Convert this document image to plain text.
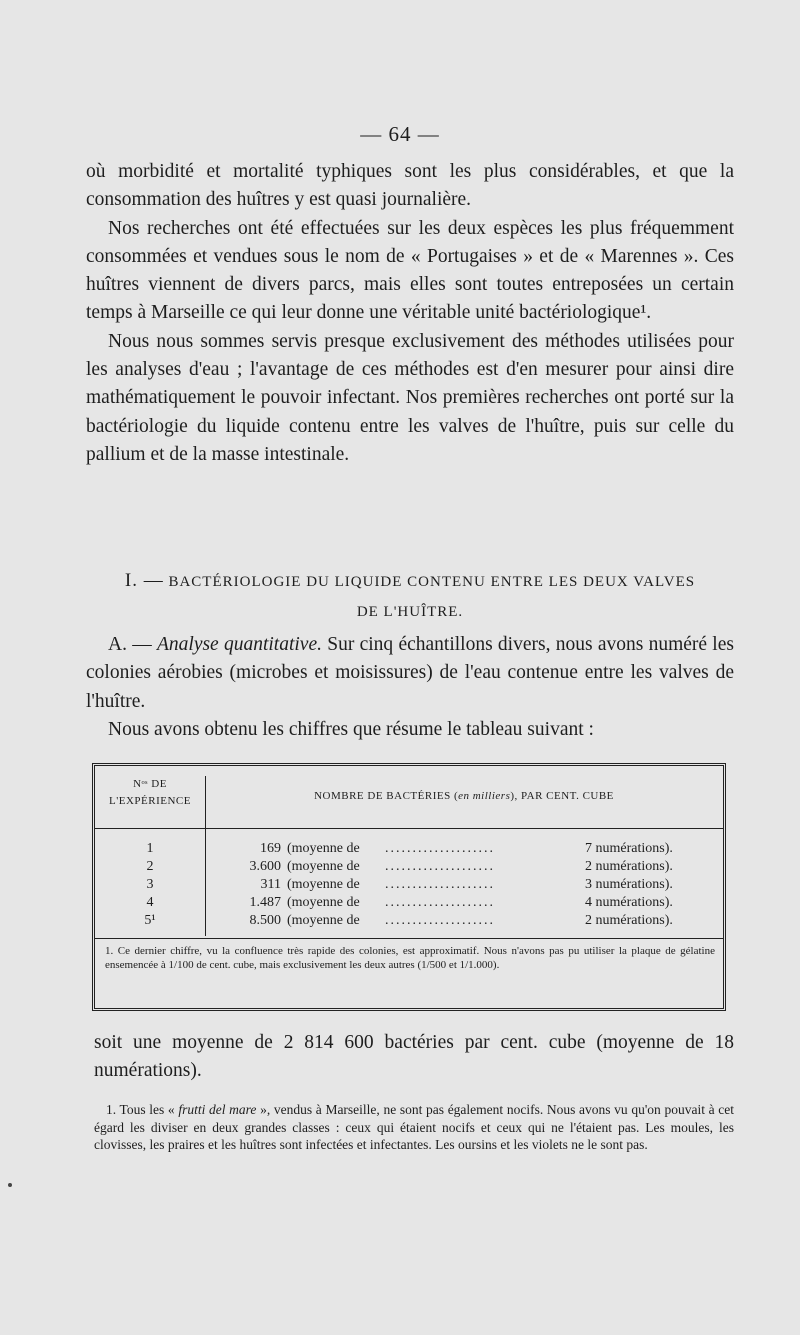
— 64 —

où morbidité et mortalité typhiques sont les plus considérables, et que la consommation des huîtres y est quasi journalière.

Nos recherches ont été effectuées sur les deux espèces les plus fréquemment consommées et vendues sous le nom de « Portugaises » et de « Marennes ». Ces huîtres viennent de divers parcs, mais elles sont toutes entreposées un certain temps à Marseille ce qui leur donne une véritable unité bactériologique¹.

Nous nous sommes servis presque exclusivement des méthodes utilisées pour les analyses d'eau ; l'avantage de ces méthodes est d'en mesurer pour ainsi dire mathématiquement le pouvoir infectant. Nos premières recherches ont porté sur la bactériologie du liquide contenu entre les valves de l'huître, puis sur celle du pallium et de la masse intestinale.

I. — BACTÉRIOLOGIE DU LIQUIDE CONTENU ENTRE LES DEUX VALVES
DE L'HUÎTRE.

A. — Analyse quantitative. Sur cinq échantillons divers, nous avons numéré les colonies aérobies (microbes et moisissures) de l'eau contenue entre les valves de l'huître.

Nous avons obtenu les chiffres que résume le tableau suivant :

Nᵒˢ DE
L'EXPÉRIENCE	NOMBRE DE BACTÉRIES (en milliers), PAR CENT. CUBE
1	169 (moyenne de ....................	7 numérations).
2	3.600 (moyenne de ....................	2 numérations).
3	311 (moyenne de ....................	3 numérations).
4	1.487 (moyenne de ....................	4 numérations).
5¹	8.500 (moyenne de ....................	2 numérations).
1. Ce dernier chiffre, vu la confluence très rapide des colonies, est approximatif. Nous n'avons pas pu utiliser la plaque de gélatine ensemencée à 1/100 de cent. cube, mais exclusivement les deux autres (1/500 et 1/1.000).
soit une moyenne de 2 814 600 bactéries par cent. cube (moyenne de 18 numérations).

1. Tous les « frutti del mare », vendus à Marseille, ne sont pas également nocifs. Nous avons vu qu'on pouvait à cet égard les diviser en deux grandes classes : ceux qui étaient nocifs et ceux qui ne l'étaient pas. Les moules, les clovisses, les praires et les huîtres sont infectées et infectantes. Les oursins et les violets ne le sont pas.
